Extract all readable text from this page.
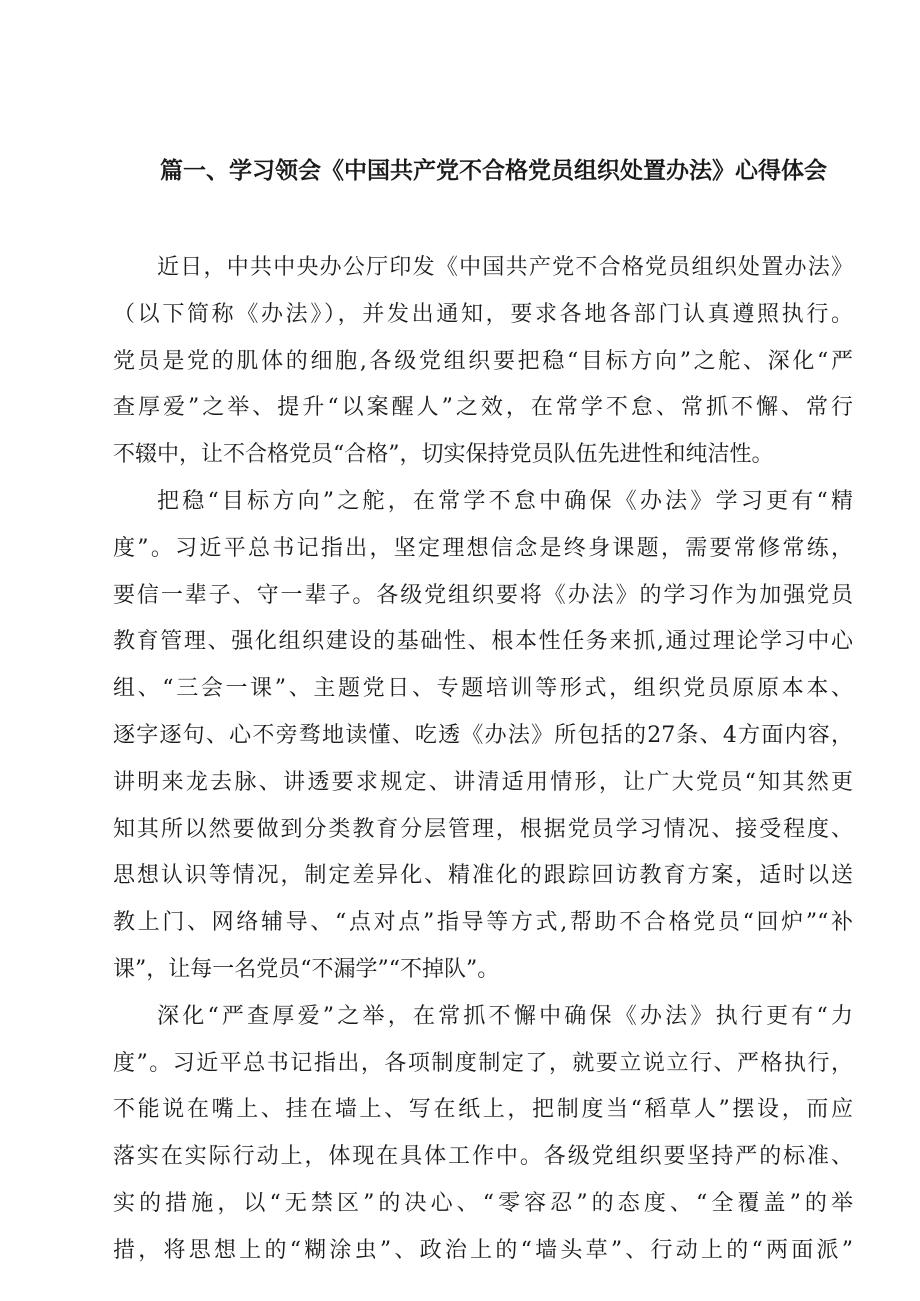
篇一、学习领会《中国共产党不合格党员组织处置办法》心得体会
近日，中共中央办公厅印发《中国共产党不合格党员组织处置办法》
（以下简称《办法》），并发出通知，要求各地各部门认真遵照执行。
党员是党的肌体的细胞,各级党组织要把稳“目标方向”之舵、深化“严
查厚爱”之举、提升“以案醒人”之效，在常学不怠、常抓不懈、常行
不辍中，让不合格党员“合格”，切实保持党员队伍先进性和纯洁性。
把稳“目标方向”之舵，在常学不怠中确保《办法》学习更有“精
度”。习近平总书记指出，坚定理想信念是终身课题，需要常修常练，
要信一辈子、守一辈子。各级党组织要将《办法》的学习作为加强党员
教育管理、强化组织建设的基础性、根本性任务来抓,通过理论学习中心
组、“三会一课”、主题党日、专题培训等形式，组织党员原原本本、
逐字逐句、心不旁骛地读懂、吃透《办法》所包括的27条、4方面内容，
讲明来龙去脉、讲透要求规定、讲清适用情形，让广大党员“知其然更
知其所以然要做到分类教育分层管理，根据党员学习情况、接受程度、
思想认识等情况，制定差异化、精准化的跟踪回访教育方案，适时以送
教上门、网络辅导、“点对点”指导等方式,帮助不合格党员“回炉”“补
课”，让每一名党员“不漏学”“不掉队”。
深化“严查厚爱”之举，在常抓不懈中确保《办法》执行更有“力
度”。习近平总书记指出，各项制度制定了，就要立说立行、严格执行，
不能说在嘴上、挂在墙上、写在纸上，把制度当“稻草人”摆设，而应
落实在实际行动上，体现在具体工作中。各级党组织要坚持严的标准、
实的措施，以“无禁区”的决心、“零容忍”的态度、“全覆盖”的举
措，将思想上的“糊涂虫”、政治上的“墙头草”、行动上的“两面派”
